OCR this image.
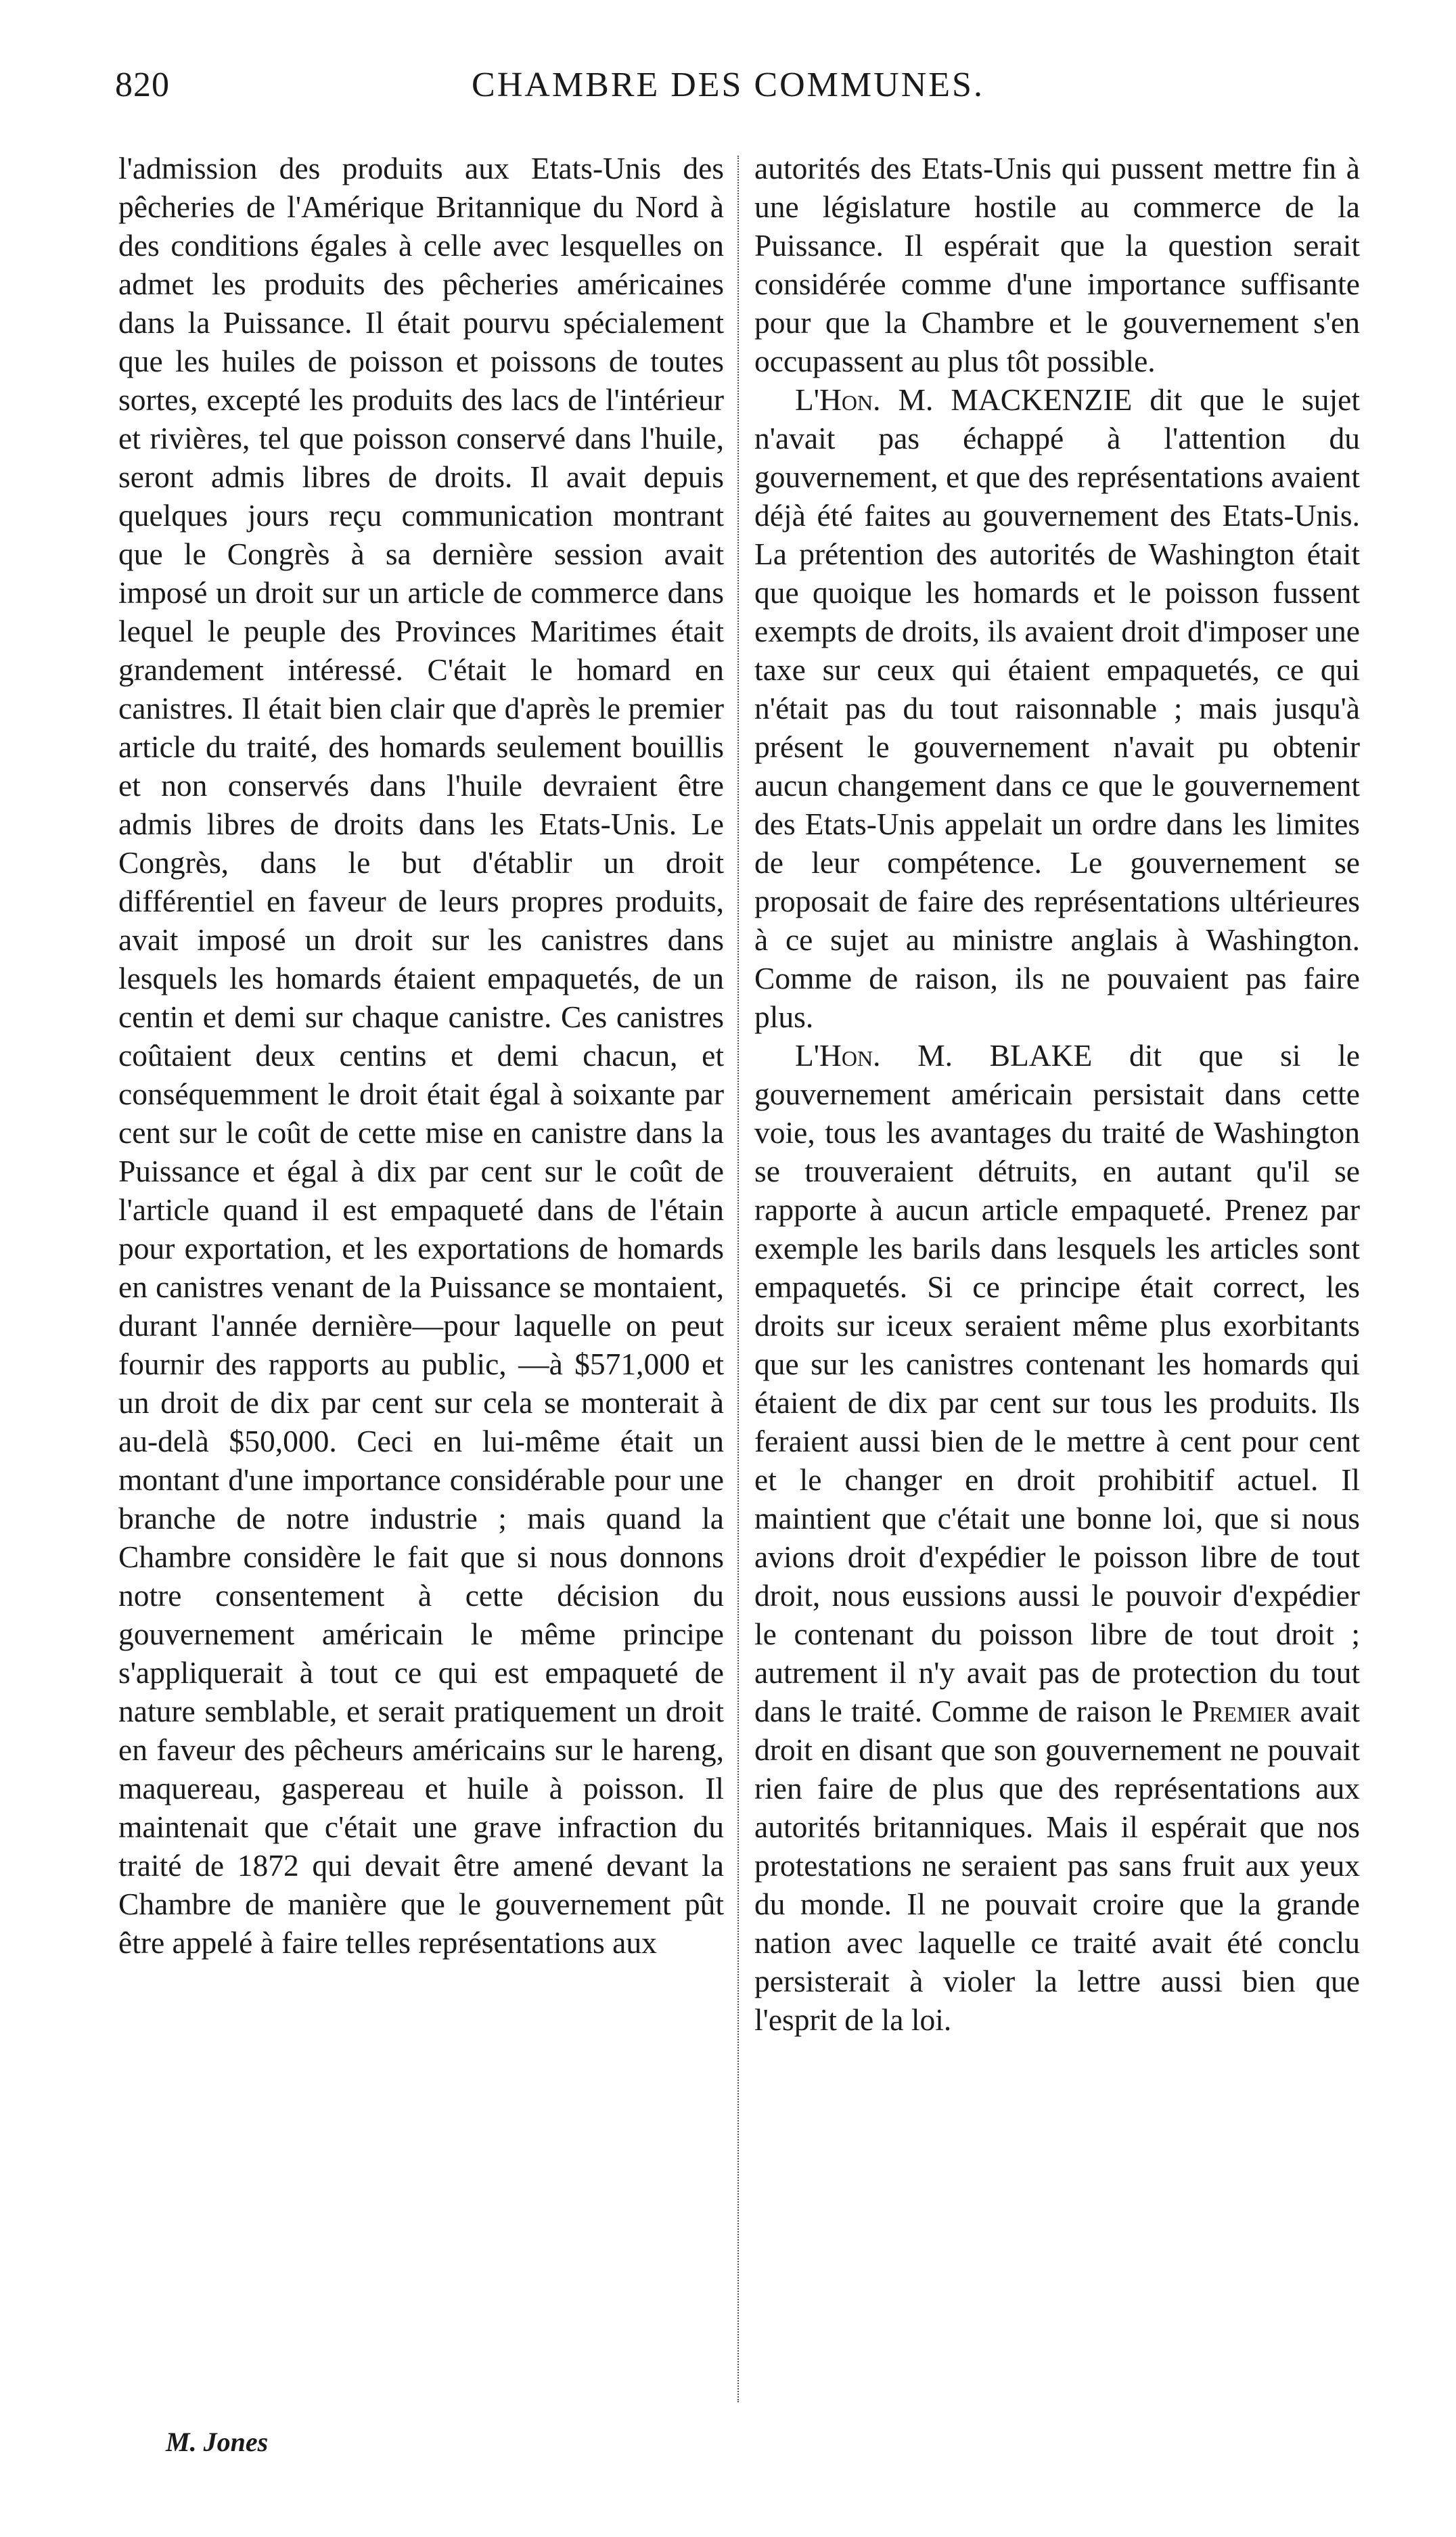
820	CHAMBRE DES COMMUNES.

l'admission des produits aux Etats-Unis des pêcheries de l'Amérique Britannique du Nord à des conditions égales à celle avec lesquelles on admet les produits des pêcheries américaines dans la Puissance. Il était pourvu spécialement que les huiles de poisson et poissons de toutes sortes, excepté les produits des lacs de l'intérieur et rivières, tel que poisson conservé dans l'huile, seront admis libres de droits. Il avait depuis quelques jours reçu communication montrant que le Congrès à sa dernière session avait imposé un droit sur un article de commerce dans lequel le peuple des Provinces Maritimes était grandement intéressé. C'était le homard en canistres. Il était bien clair que d'après le premier article du traité, des homards seulement bouillis et non conservés dans l'huile devraient être admis libres de droits dans les Etats-Unis. Le Congrès, dans le but d'établir un droit différentiel en faveur de leurs propres produits, avait imposé un droit sur les canistres dans lesquels les homards étaient empaquetés, de un centin et demi sur chaque canistre. Ces canistres coûtaient deux centins et demi chacun, et conséquemment le droit était égal à soixante par cent sur le coût de cette mise en canistre dans la Puissance et égal à dix par cent sur le coût de l'article quand il est empaqueté dans de l'étain pour exportation, et les exportations de homards en canistres venant de la Puissance se montaient, durant l'année dernière—pour laquelle on peut fournir des rapports au public, —à $571,000 et un droit de dix par cent sur cela se monterait à au-delà $50,000. Ceci en lui-même était un montant d'une importance considérable pour une branche de notre industrie ; mais quand la Chambre considère le fait que si nous donnons notre consentement à cette décision du gouvernement américain le même principe s'appliquerait à tout ce qui est empaqueté de nature semblable, et serait pratiquement un droit en faveur des pêcheurs américains sur le hareng, maquereau, gaspereau et huile à poisson. Il maintenait que c'était une grave infraction du traité de 1872 qui devait être amené devant la Chambre de manière que le gouvernement pût être appelé à faire telles représentations aux

autorités des Etats-Unis qui pussent mettre fin à une législature hostile au commerce de la Puissance. Il espérait que la question serait considérée comme d'une importance suffisante pour que la Chambre et le gouvernement s'en occupassent au plus tôt possible.

L'Hon. M. MACKENZIE dit que le sujet n'avait pas échappé à l'attention du gouvernement, et que des représentations avaient déjà été faites au gouvernement des Etats-Unis. La prétention des autorités de Washington était que quoique les homards et le poisson fussent exempts de droits, ils avaient droit d'imposer une taxe sur ceux qui étaient empaquetés, ce qui n'était pas du tout raisonnable ; mais jusqu'à présent le gouvernement n'avait pu obtenir aucun changement dans ce que le gouvernement des Etats-Unis appelait un ordre dans les limites de leur compétence. Le gouvernement se proposait de faire des représentations ultérieures à ce sujet au ministre anglais à Washington. Comme de raison, ils ne pouvaient pas faire plus.

L'Hon. M. BLAKE dit que si le gouvernement américain persistait dans cette voie, tous les avantages du traité de Washington se trouveraient détruits, en autant qu'il se rapporte à aucun article empaqueté. Prenez par exemple les barils dans lesquels les articles sont empaquetés. Si ce principe était correct, les droits sur iceux seraient même plus exorbitants que sur les canistres contenant les homards qui étaient de dix par cent sur tous les produits. Ils feraient aussi bien de le mettre à cent pour cent et le changer en droit prohibitif actuel. Il maintient que c'était une bonne loi, que si nous avions droit d'expédier le poisson libre de tout droit, nous eussions aussi le pouvoir d'expédier le contenant du poisson libre de tout droit ; autrement il n'y avait pas de protection du tout dans le traité. Comme de raison le Premier avait droit en disant que son gouvernement ne pouvait rien faire de plus que des représentations aux autorités britanniques. Mais il espérait que nos protestations ne seraient pas sans fruit aux yeux du monde. Il ne pouvait croire que la grande nation avec laquelle ce traité avait été conclu persisterait à violer la lettre aussi bien que l'esprit de la loi.

M. Jones
